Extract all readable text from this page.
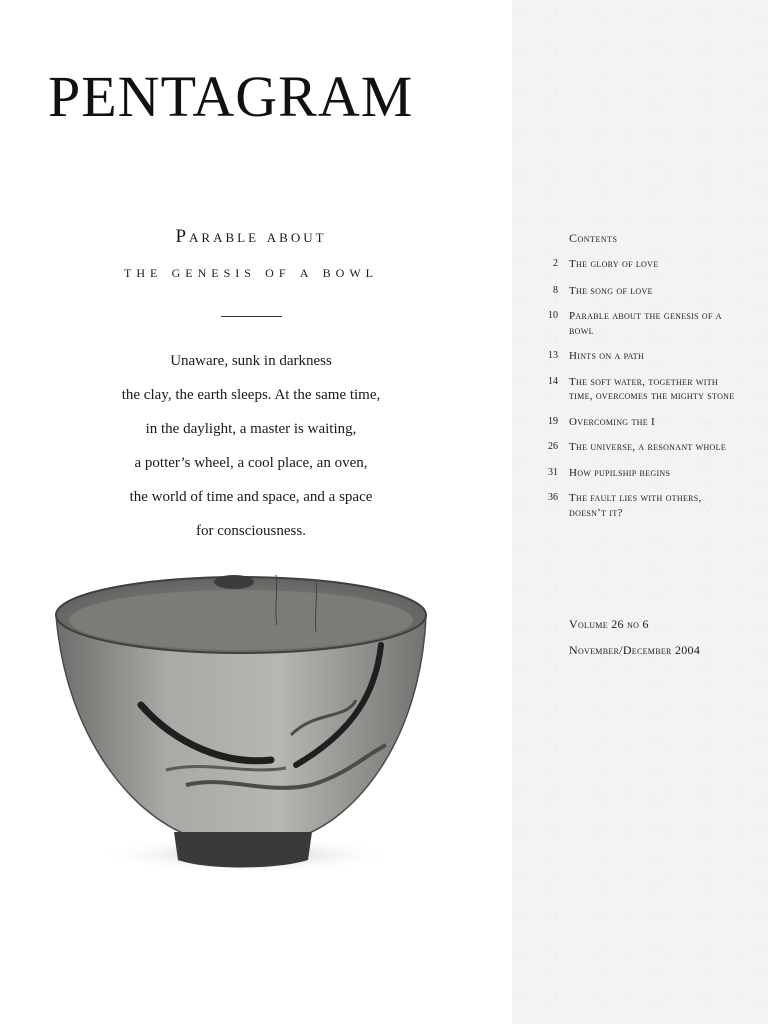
PENTAGRAM
Parable about
the genesis of a bowl
Unaware, sunk in darkness
the clay, the earth sleeps. At the same time,
in the daylight, a master is waiting,
a potter’s wheel, a cool place, an oven,
the world of time and space, and a space
for consciousness.
Contents
2	The glory of love
8	The song of love
10	Parable about the genesis of a bowl
13	Hints on a path
14	The soft water, together with time, overcomes the mighty stone
19	Overcoming the I
26	The universe, a resonant whole
31	How pupilship begins
36	The fault lies with others, doesn’t it?
Volume 26 no 6
November/December 2004
